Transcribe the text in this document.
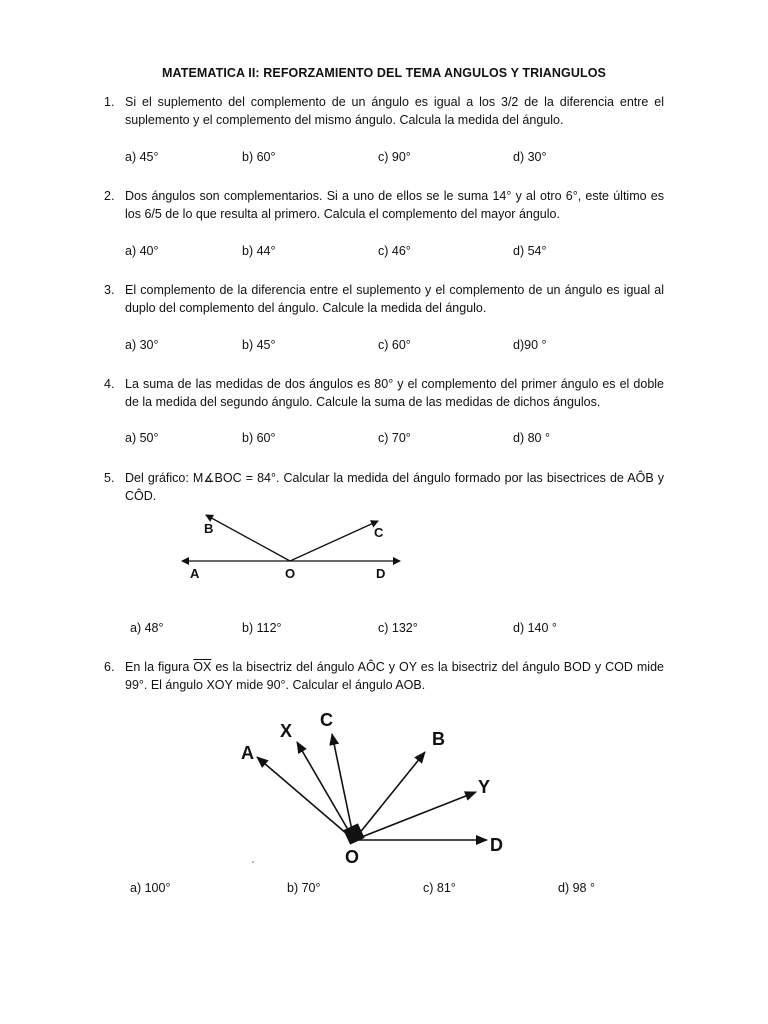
MATEMATICA II: REFORZAMIENTO DEL TEMA ANGULOS Y TRIANGULOS
1. Si el suplemento del complemento de un ángulo es igual a los 3/2 de la diferencia entre el suplemento y el complemento del mismo ángulo. Calcula la medida del ángulo.
a) 45°	b) 60°	c) 90°	d) 30°
2. Dos ángulos son complementarios. Si a uno de ellos se le suma 14° y al otro 6°, este último es los 6/5 de lo que resulta al primero. Calcula el complemento del mayor ángulo.
a) 40°	b) 44°	c) 46°	d) 54°
3. El complemento de la diferencia entre el suplemento y el complemento de un ángulo es igual al duplo del complemento del ángulo. Calcule la medida del ángulo.
a) 30°	b) 45°	c) 60°	d)90 °
4. La suma de las medidas de dos ángulos es 80° y el complemento del primer ángulo es el doble de la medida del segundo ángulo. Calcule la suma de las medidas de dichos ángulos.
a) 50°	b) 60°	c) 70°	d) 80 °
5. Del gráfico: M∡BOC = 84°. Calcular la medida del ángulo formado por las bisectrices de AÔB y CÔD.
B	C
A	O	D
A
X
C
B
Y
O
D
a) 48°	b) 112°	c) 132°	d) 140 °
6. En la figura $\overline{OX}$ es la bisectriz del ángulo AÔC y OY es la bisectriz del ángulo BOD y COD mide 99°. El ángulo XOY mide 90°. Calcular el ángulo AOB.
a) 100°	b) 70°	c) 81°	d) 98 °
